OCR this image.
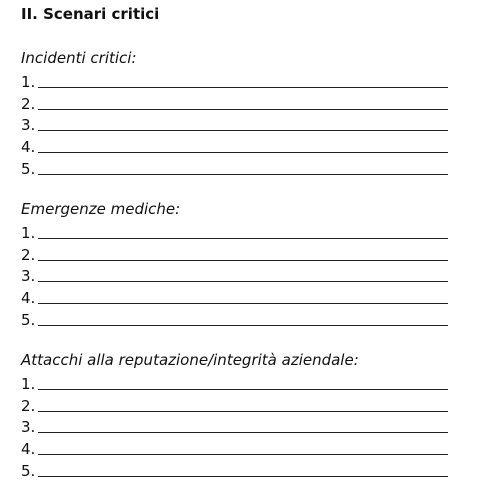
II. Scenari critici
Incidenti critici:
1.
2.
3.
4.
5.
Emergenze mediche:
1.
2.
3.
4.
5.
Attacchi alla reputazione/integrità aziendale:
1.
2.
3.
4.
5.
